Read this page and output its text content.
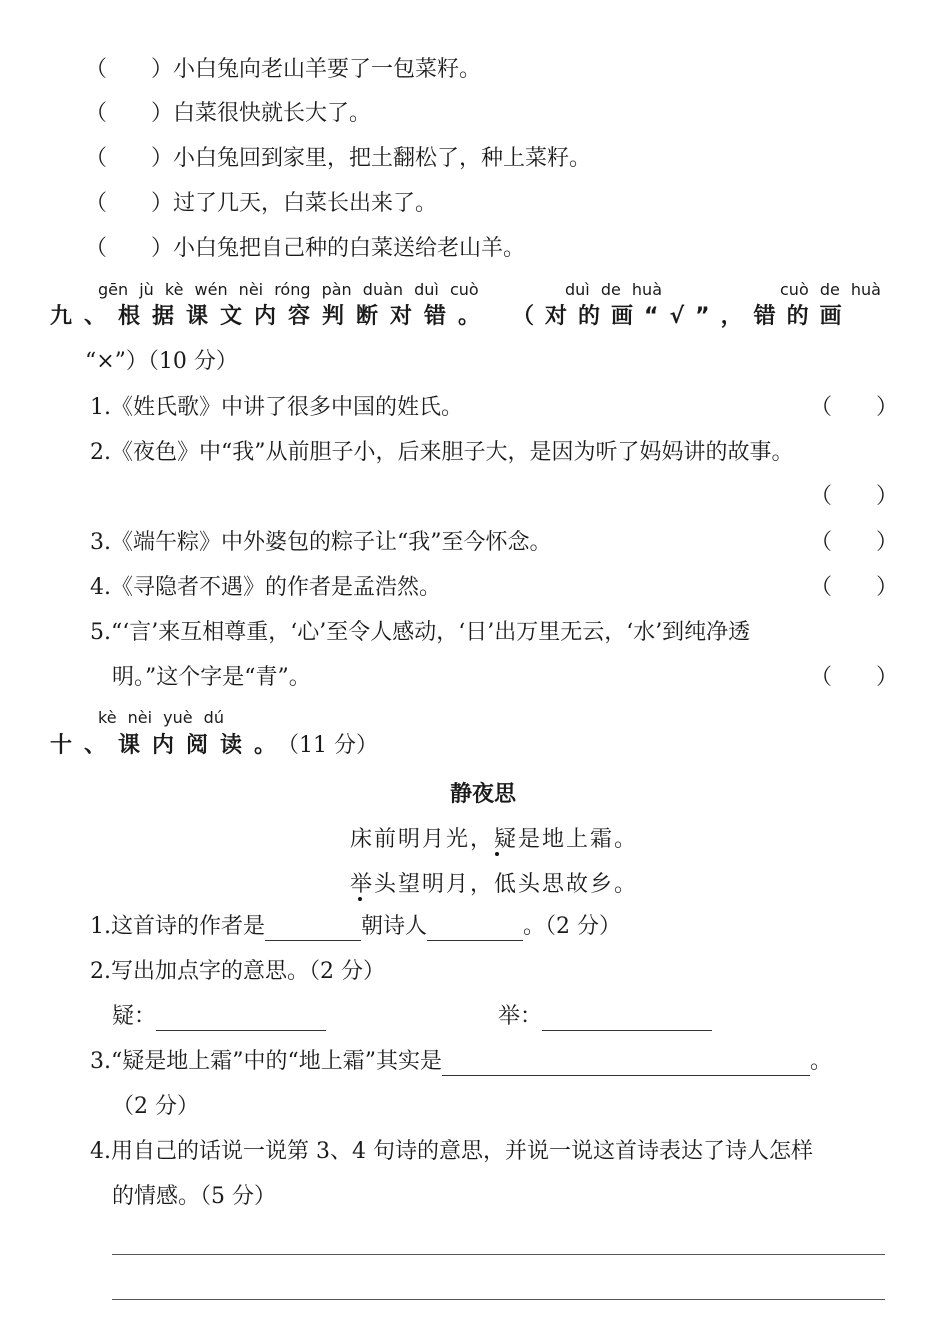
（　　）小白兔向老山羊要了一包菜籽。
（　　）白菜很快就长大了。
（　　）小白兔回到家里，把土翻松了，种上菜籽。
（　　）过了几天，白菜长出来了。
（　　）小白兔把自己种的白菜送给老山羊。
gēn jù kè wén nèi róng pàn duàn duì cuò	duì de huà	cuò de huà
九、根据课文内容判断对错。 （对的画“√”，错的画
“×”）（10 分）
1.《姓氏歌》中讲了很多中国的姓氏。	（　　）
2.《夜色》中“我”从前胆子小，后来胆子大，是因为听了妈妈讲的故事。
（　　）
3.《端午粽》中外婆包的粽子让“我”至今怀念。	（　　）
4.《寻隐者不遇》的作者是孟浩然。	（　　）
5.“‘言’来互相尊重，‘心’至令人感动，‘日’出万里无云，‘水’到纯净透
明。”这个字是“青”。	（　　）
kè nèi yuè dú
十、课内阅读。（11 分）
静夜思
床前明月光，疑是地上霜。
举头望明月，低头思故乡。
1.这首诗的作者是	朝诗人	。（2 分）
2.写出加点字的意思。（2 分）
疑：	举：
3.“疑是地上霜”中的“地上霜”其实是	。
（2 分）
4.用自己的话说一说第 3、4 句诗的意思，并说一说这首诗表达了诗人怎样
的情感。（5 分）
